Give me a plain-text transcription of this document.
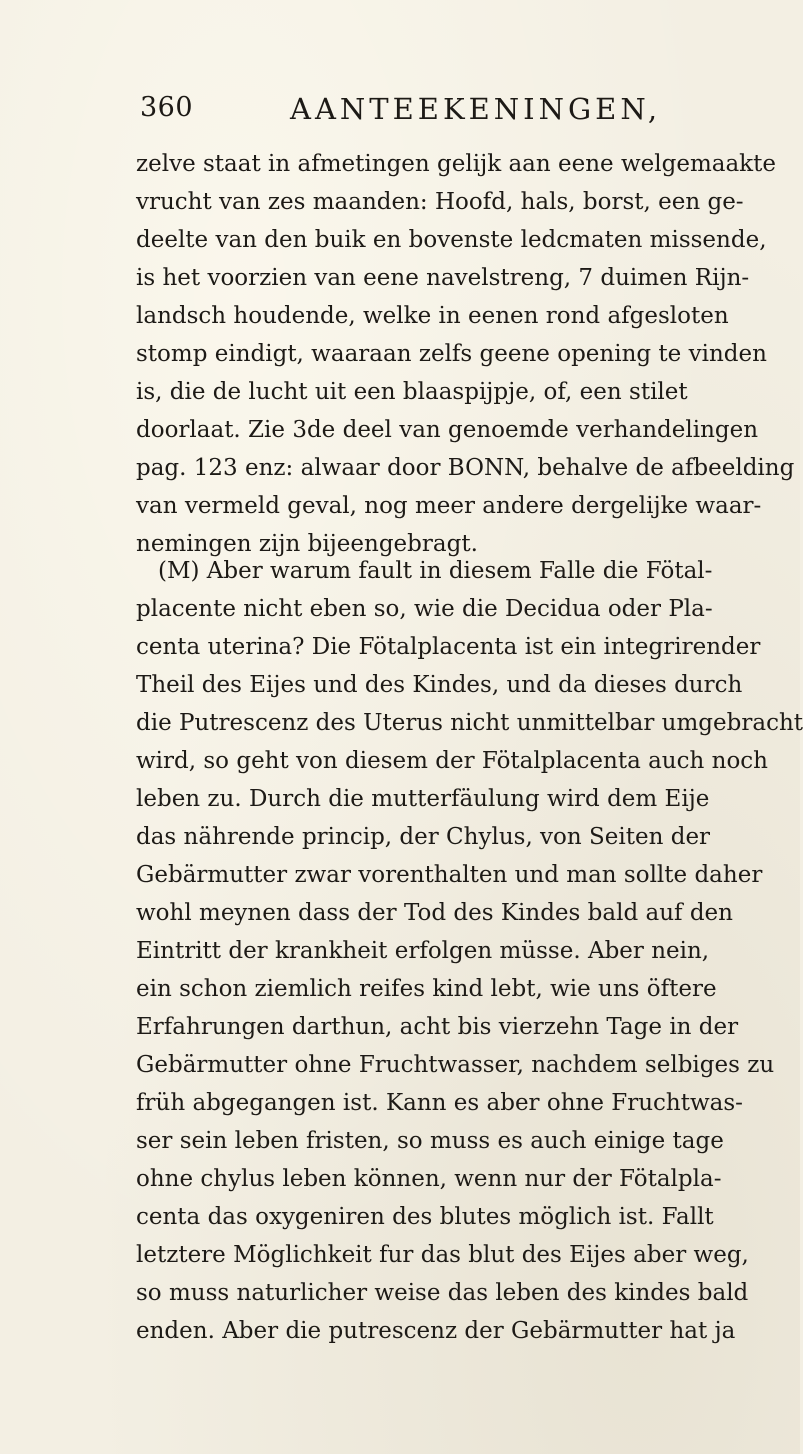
360	AANTEEKENINGEN,
zelve staat in afmetingen gelijk aan eene welgemaakte
vrucht van zes maanden: Hoofd, hals, borst, een ge-
deelte van den buik en bovenste ledcmaten missende,
is het voorzien van eene navelstreng, 7 duimen Rijn-
landsch houdende, welke in eenen rond afgesloten
stomp eindigt, waaraan zelfs geene opening te vinden
is, die de lucht uit een blaaspijpje, of, een stilet
doorlaat. Zie 3de deel van genoemde verhandelingen
pag. 123 enz: alwaar door BONN, behalve de afbeelding
van vermeld geval, nog meer andere dergelijke waar-
nemingen zijn bijeengebragt.
(M) Aber warum fault in diesem Falle die Fötal-
placente nicht eben so, wie die Decidua oder Pla-
centa uterina? Die Fötalplacenta ist ein integrirender
Theil des Eijes und des Kindes, und da dieses durch
die Putrescenz des Uterus nicht unmittelbar umgebracht
wird, so geht von diesem der Fötalplacenta auch noch
leben zu. Durch die mutterfäulung wird dem Eije
das nährende princip, der Chylus, von Seiten der
Gebärmutter zwar vorenthalten und man sollte daher
wohl meynen dass der Tod des Kindes bald auf den
Eintritt der krankheit erfolgen müsse. Aber nein,
ein schon ziemlich reifes kind lebt, wie uns öftere
Erfahrungen darthun, acht bis vierzehn Tage in der
Gebärmutter ohne Fruchtwasser, nachdem selbiges zu
früh abgegangen ist. Kann es aber ohne Fruchtwas-
ser sein leben fristen, so muss es auch einige tage
ohne chylus leben können, wenn nur der Fötalpla-
centa das oxygeniren des blutes möglich ist. Fallt
letztere Möglichkeit fur das blut des Eijes aber weg,
so muss naturlicher weise das leben des kindes bald
enden. Aber die putrescenz der Gebärmutter hat ja
